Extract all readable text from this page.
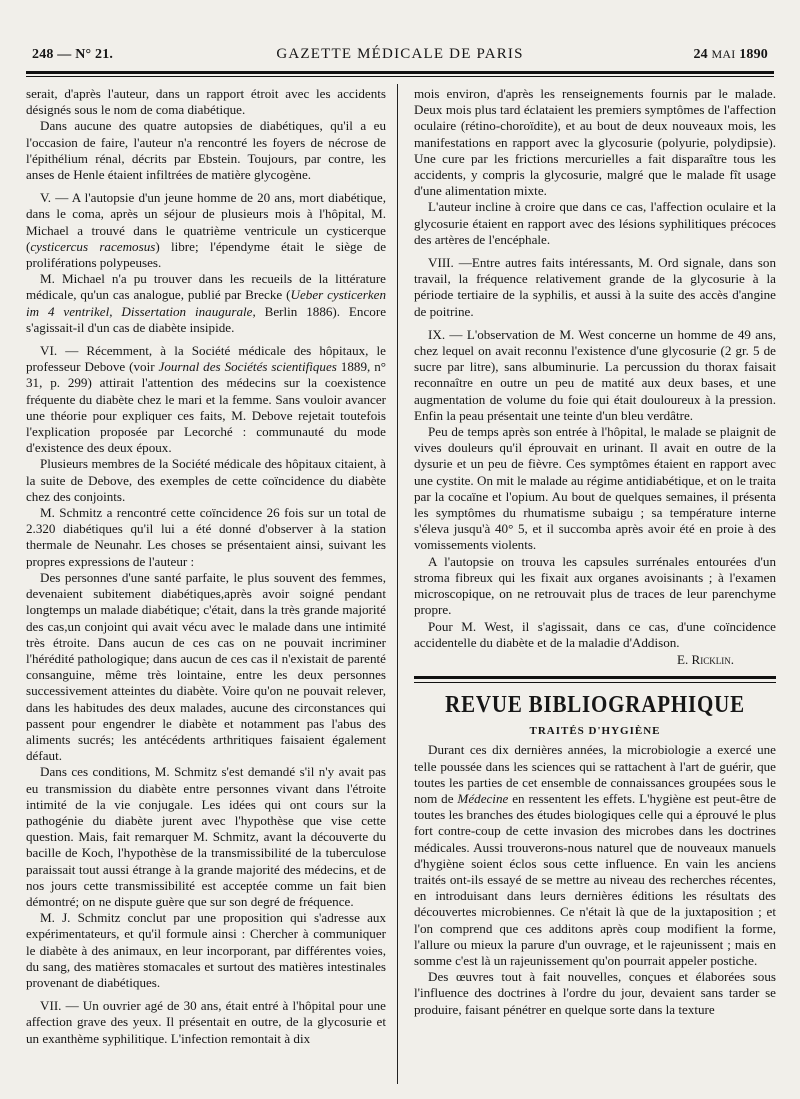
248 — N° 21.	GAZETTE MÉDICALE DE PARIS	24 MAI 1890

serait, d'après l'auteur, dans un rapport étroit avec les accidents désignés sous le nom de coma diabétique.

Dans aucune des quatre autopsies de diabétiques, qu'il a eu l'occasion de faire, l'auteur n'a rencontré les foyers de nécrose de l'épithélium rénal, décrits par Ebstein. Toujours, par contre, les anses de Henle étaient infiltrées de matière glycogène.

V. — A l'autopsie d'un jeune homme de 20 ans, mort diabétique, dans le coma, après un séjour de plusieurs mois à l'hôpital, M. Michael a trouvé dans le quatrième ventricule un cysticerque (cysticercus racemosus) libre; l'épendyme était le siège de proliférations polypeuses.

M. Michael n'a pu trouver dans les recueils de la littérature médicale, qu'un cas analogue, publié par Brecke (Ueber cysticerken im 4 ventrikel, Dissertation inaugurale, Berlin 1886). Encore s'agissait-il d'un cas de diabète insipide.

VI. — Récemment, à la Société médicale des hôpitaux, le professeur Debove (voir Journal des Sociétés scientifiques 1889, n° 31, p. 299) attirait l'attention des médecins sur la coexistence fréquente du diabète chez le mari et la femme. Sans vouloir avancer une théorie pour expliquer ces faits, M. Debove rejetait toutefois l'explication proposée par Lecorché : communauté du mode d'existence des deux époux.

Plusieurs membres de la Société médicale des hôpitaux citaient, à la suite de Debove, des exemples de cette coïncidence du diabète chez des conjoints.

M. Schmitz a rencontré cette coïncidence 26 fois sur un total de 2.320 diabétiques qu'il lui a été donné d'observer à la station thermale de Neunahr. Les choses se présentaient ainsi, suivant les propres expressions de l'auteur :

Des personnes d'une santé parfaite, le plus souvent des femmes, devenaient subitement diabétiques,après avoir soigné pendant longtemps un malade diabétique; c'était, dans la très grande majorité des cas,un conjoint qui avait vécu avec le malade dans une intimité très étroite. Dans aucun de ces cas on ne pouvait incriminer l'hérédité pathologique; dans aucun de ces cas il n'existait de parenté consanguine, même très lointaine, entre les deux personnes successivement atteintes du diabète. Voire qu'on ne pouvait relever, dans les habitudes des deux malades, aucune des circonstances qui passent pour engendrer le diabète et notamment pas l'abus des aliments sucrés; les antécédents arthritiques faisaient également défaut.

Dans ces conditions, M. Schmitz s'est demandé s'il n'y avait pas eu transmission du diabète entre personnes vivant dans l'étroite intimité de la vie conjugale. Les idées qui ont cours sur la pathogénie du diabète jurent avec l'hypothèse que vise cette question. Mais, fait remarquer M. Schmitz, avant la découverte du bacille de Koch, l'hypothèse de la transmissibilité de la tuberculose paraissait tout aussi étrange à la grande majorité des médecins, et de nos jours cette transmissibilité est acceptée comme un fait bien démontré; on ne dispute guère que sur son degré de fréquence.

M. J. Schmitz conclut par une proposition qui s'adresse aux expérimentateurs, et qu'il formule ainsi : Chercher à communiquer le diabète à des animaux, en leur incorporant, par différentes voies, du sang, des matières stomacales et surtout des matières intestinales provenant de diabétiques.

VII. — Un ouvrier agé de 30 ans, était entré à l'hôpital pour une affection grave des yeux. Il présentait en outre, de la glycosurie et un exanthème syphilitique. L'infection remontait à dix

mois environ, d'après les renseignements fournis par le malade. Deux mois plus tard éclataient les premiers symptômes de l'affection oculaire (rétino-choroïdite), et au bout de deux nouveaux mois, les manifestations en rapport avec la glycosurie (polyurie, polydipsie). Une cure par les frictions mercurielles a fait disparaître tous les accidents, y compris la glycosurie, malgré que le malade fît usage d'une alimentation mixte.

L'auteur incline à croire que dans ce cas, l'affection oculaire et la glycosurie étaient en rapport avec des lésions syphilitiques précoces des artères de l'encéphale.

VIII. —Entre autres faits intéressants, M. Ord signale, dans son travail, la fréquence relativement grande de la glycosurie à la période tertiaire de la syphilis, et aussi à la suite des accès d'angine de poitrine.

IX. — L'observation de M. West concerne un homme de 49 ans, chez lequel on avait reconnu l'existence d'une glycosurie (2 gr. 5 de sucre par litre), sans albuminurie. La percussion du thorax faisait reconnaître en outre un peu de matité aux deux bases, et une augmentation de volume du foie qui était douloureux à la pression. Enfin la peau présentait une teinte d'un bleu verdâtre.

Peu de temps après son entrée à l'hôpital, le malade se plaignit de vives douleurs qu'il éprouvait en urinant. Il avait en outre de la dysurie et un peu de fièvre. Ces symptômes étaient en rapport avec une cystite. On mit le malade au régime antidiabétique, et on le traita par la cocaïne et l'opium. Au bout de quelques semaines, il présenta les symptômes du rhumatisme subaigu ; sa température interne s'éleva jusqu'à 40° 5, et il succomba après avoir été en proie à des vomissements violents.

A l'autopsie on trouva les capsules surrénales entourées d'un stroma fibreux qui les fixait aux organes avoisinants ; à l'examen microscopique, on ne retrouvait plus de traces de leur parenchyme propre.

Pour M. West, il s'agissait, dans ce cas, d'une coïncidence accidentelle du diabète et de la maladie d'Addison.

E. Ricklin.
REVUE BIBLIOGRAPHIQUE
TRAITÉS D'HYGIÈNE

Durant ces dix dernières années, la microbiologie a exercé une telle poussée dans les sciences qui se rattachent à l'art de guérir, que toutes les parties de cet ensemble de connaissances groupées sous le nom de Médecine en ressentent les effets. L'hygiène est peut-être de toutes les branches des études biologiques celle qui a éprouvé le plus fort contre-coup de cette invasion des microbes dans les doctrines médicales. Aussi trouverons-nous naturel que de nouveaux manuels d'hygiène soient éclos sous cette influence. En vain les anciens traités ont-ils essayé de se mettre au niveau des recherches récentes, en introduisant dans leurs dernières éditions les résultats des découvertes microbiennes. Ce n'était là que de la juxtaposition ; et l'on comprend que ces additons après coup modifient la forme, l'allure ou mieux la parure d'un ouvrage, et le rajeunissent ; mais en somme c'est là un rajeunissement qu'on pourrait appeler postiche.

Des œuvres tout à fait nouvelles, conçues et élaborées sous l'influence des doctrines à l'ordre du jour, devaient sans tarder se produire, faisant pénétrer en quelque sorte dans la texture
